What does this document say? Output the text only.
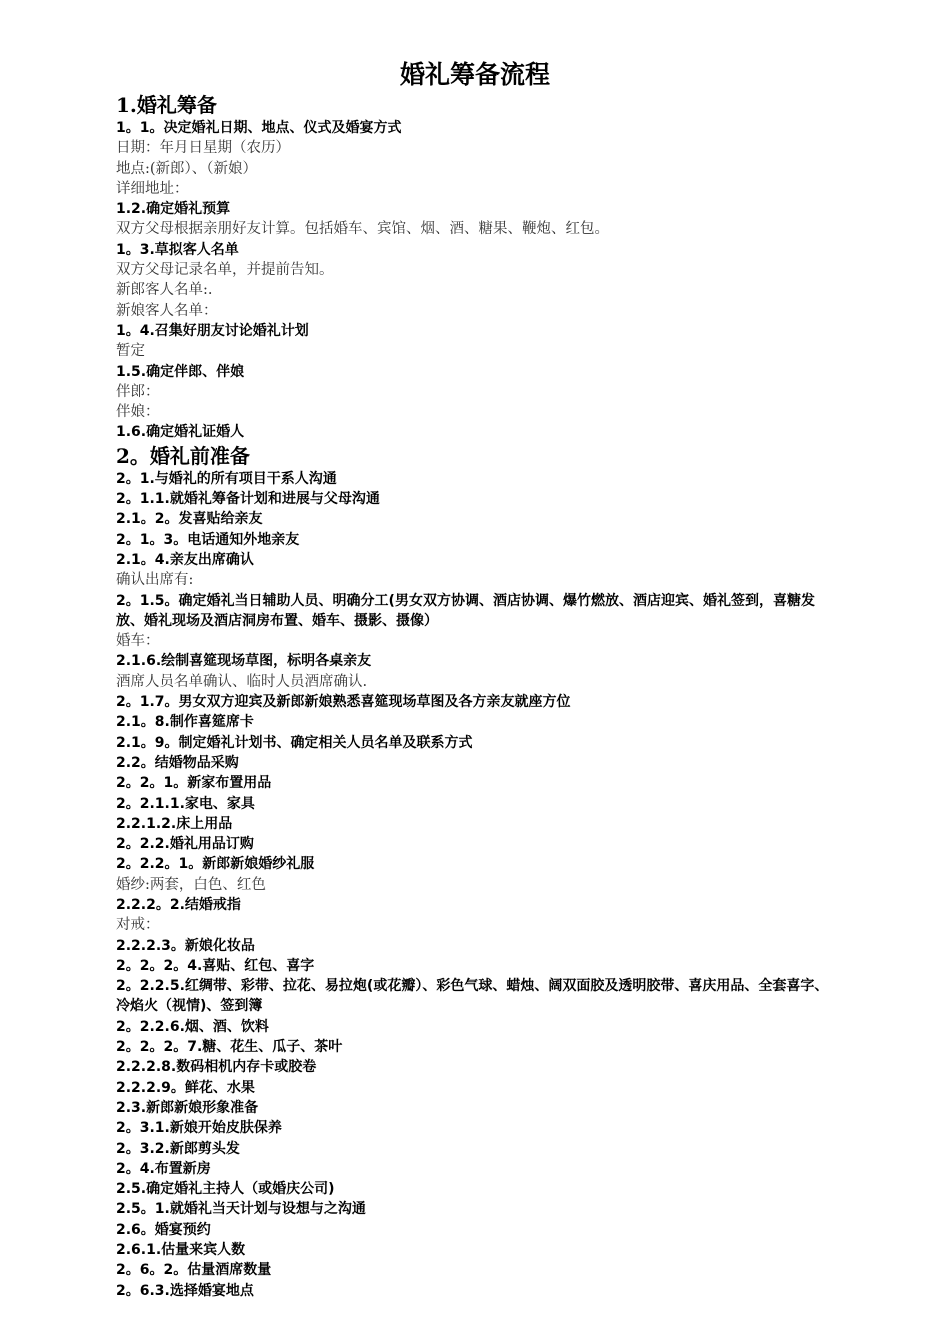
婚礼筹备流程
1.婚礼筹备
1。1。决定婚礼日期、地点、仪式及婚宴方式
日期：年月日星期（农历）
地点:(新郎）、（新娘）
详细地址：
1.2.确定婚礼预算
双方父母根据亲朋好友计算。包括婚车、宾馆、烟、酒、糖果、鞭炮、红包。
1。3.草拟客人名单
双方父母记录名单，并提前告知。
新郎客人名单:.
新娘客人名单：
1。4.召集好朋友讨论婚礼计划
暂定
1.5.确定伴郎、伴娘
伴郎：
伴娘：
1.6.确定婚礼证婚人
2。婚礼前准备
2。1.与婚礼的所有项目干系人沟通
2。1.1.就婚礼筹备计划和进展与父母沟通
2.1。2。发喜贴给亲友
2。1。3。电话通知外地亲友
2.1。4.亲友出席确认
确认出席有:
2。1.5。确定婚礼当日辅助人员、明确分工(男女双方协调、酒店协调、爆竹燃放、酒店迎宾、婚礼签到，喜糖发放、婚礼现场及酒店洞房布置、婚车、摄影、摄像）
婚车：
2.1.6.绘制喜筵现场草图，标明各桌亲友
酒席人员名单确认、临时人员酒席确认.
2。1.7。男女双方迎宾及新郎新娘熟悉喜筵现场草图及各方亲友就座方位
2.1。8.制作喜筵席卡
2.1。9。制定婚礼计划书、确定相关人员名单及联系方式
2.2。结婚物品采购
2。2。1。新家布置用品
2。2.1.1.家电、家具
2.2.1.2.床上用品
2。2.2.婚礼用品订购
2。2.2。1。新郎新娘婚纱礼服
婚纱:两套，白色、红色
2.2.2。2.结婚戒指
对戒：
2.2.2.3。新娘化妆品
2。2。2。4.喜贴、红包、喜字
2。2.2.5.红绸带、彩带、拉花、易拉炮(或花瓣）、彩色气球、蜡烛、阔双面胶及透明胶带、喜庆用品、全套喜字、冷焰火（视情)、签到簿
2。2.2.6.烟、酒、饮料
2。2。2。7.糖、花生、瓜子、茶叶
2.2.2.8.数码相机内存卡或胶卷
2.2.2.9。鲜花、水果
2.3.新郎新娘形象准备
2。3.1.新娘开始皮肤保养
2。3.2.新郎剪头发
2。4.布置新房
2.5.确定婚礼主持人（或婚庆公司)
2.5。1.就婚礼当天计划与设想与之沟通
2.6。婚宴预约
2.6.1.估量来宾人数
2。6。2。估量酒席数量
2。6.3.选择婚宴地点
